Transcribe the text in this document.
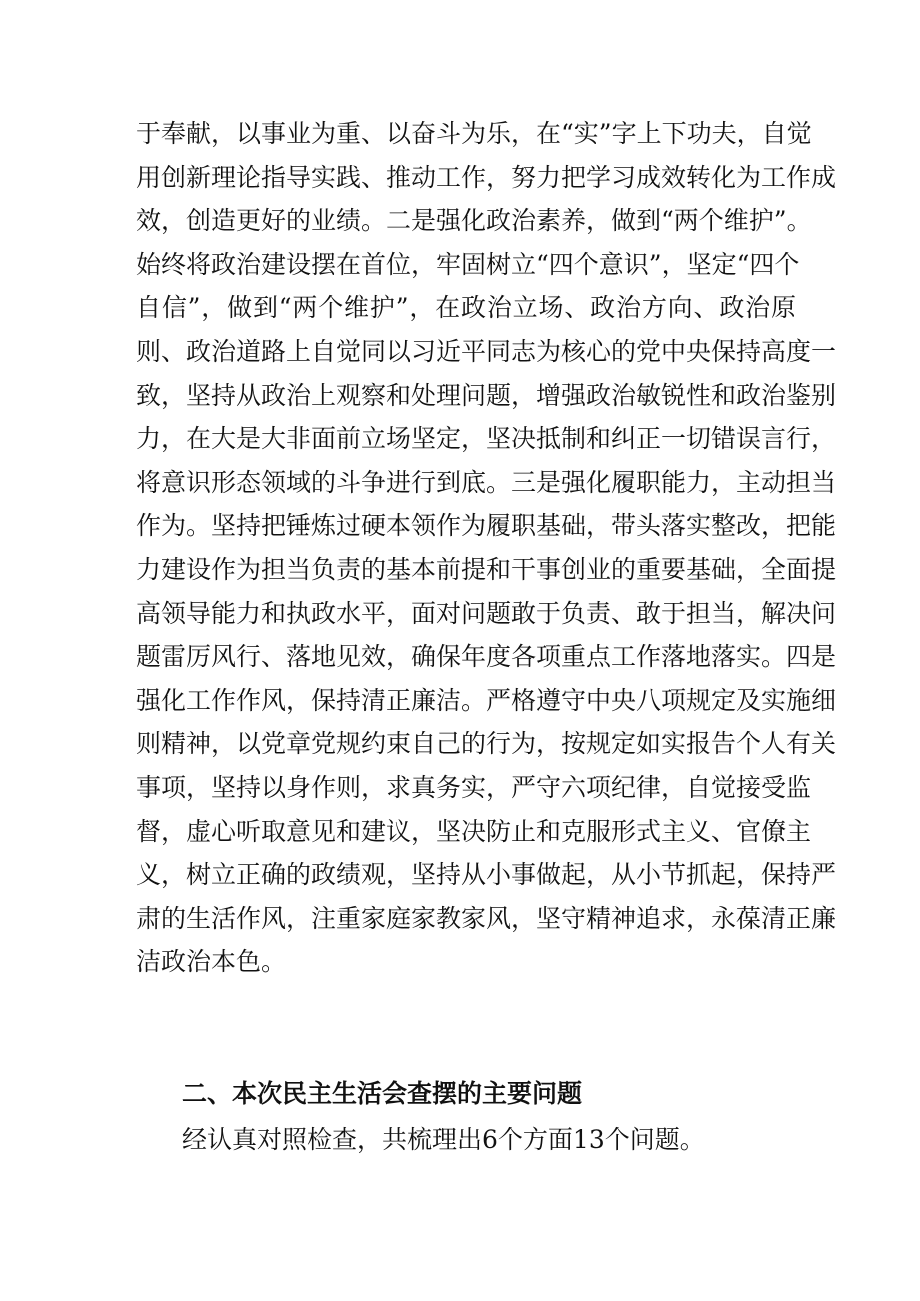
于奉献，以事业为重、以奋斗为乐，在“实”字上下功夫，自觉
用创新理论指导实践、推动工作，努力把学习成效转化为工作成
效，创造更好的业绩。二是强化政治素养，做到“两个维护”。
始终将政治建设摆在首位，牢固树立“四个意识”，坚定“四个
自信”，做到“两个维护”，在政治立场、政治方向、政治原
则、政治道路上自觉同以习近平同志为核心的党中央保持高度一
致，坚持从政治上观察和处理问题，增强政治敏锐性和政治鉴别
力，在大是大非面前立场坚定，坚决抵制和纠正一切错误言行，
将意识形态领域的斗争进行到底。三是强化履职能力，主动担当
作为。坚持把锤炼过硬本领作为履职基础，带头落实整改，把能
力建设作为担当负责的基本前提和干事创业的重要基础，全面提
高领导能力和执政水平，面对问题敢于负责、敢于担当，解决问
题雷厉风行、落地见效，确保年度各项重点工作落地落实。四是
强化工作作风，保持清正廉洁。严格遵守中央八项规定及实施细
则精神，以党章党规约束自己的行为，按规定如实报告个人有关
事项，坚持以身作则，求真务实，严守六项纪律，自觉接受监
督，虚心听取意见和建议，坚决防止和克服形式主义、官僚主
义，树立正确的政绩观，坚持从小事做起，从小节抓起，保持严
肃的生活作风，注重家庭家教家风，坚守精神追求，永葆清正廉
洁政治本色。
二、本次民主生活会查摆的主要问题
经认真对照检查，共梳理出6个方面13个问题。
